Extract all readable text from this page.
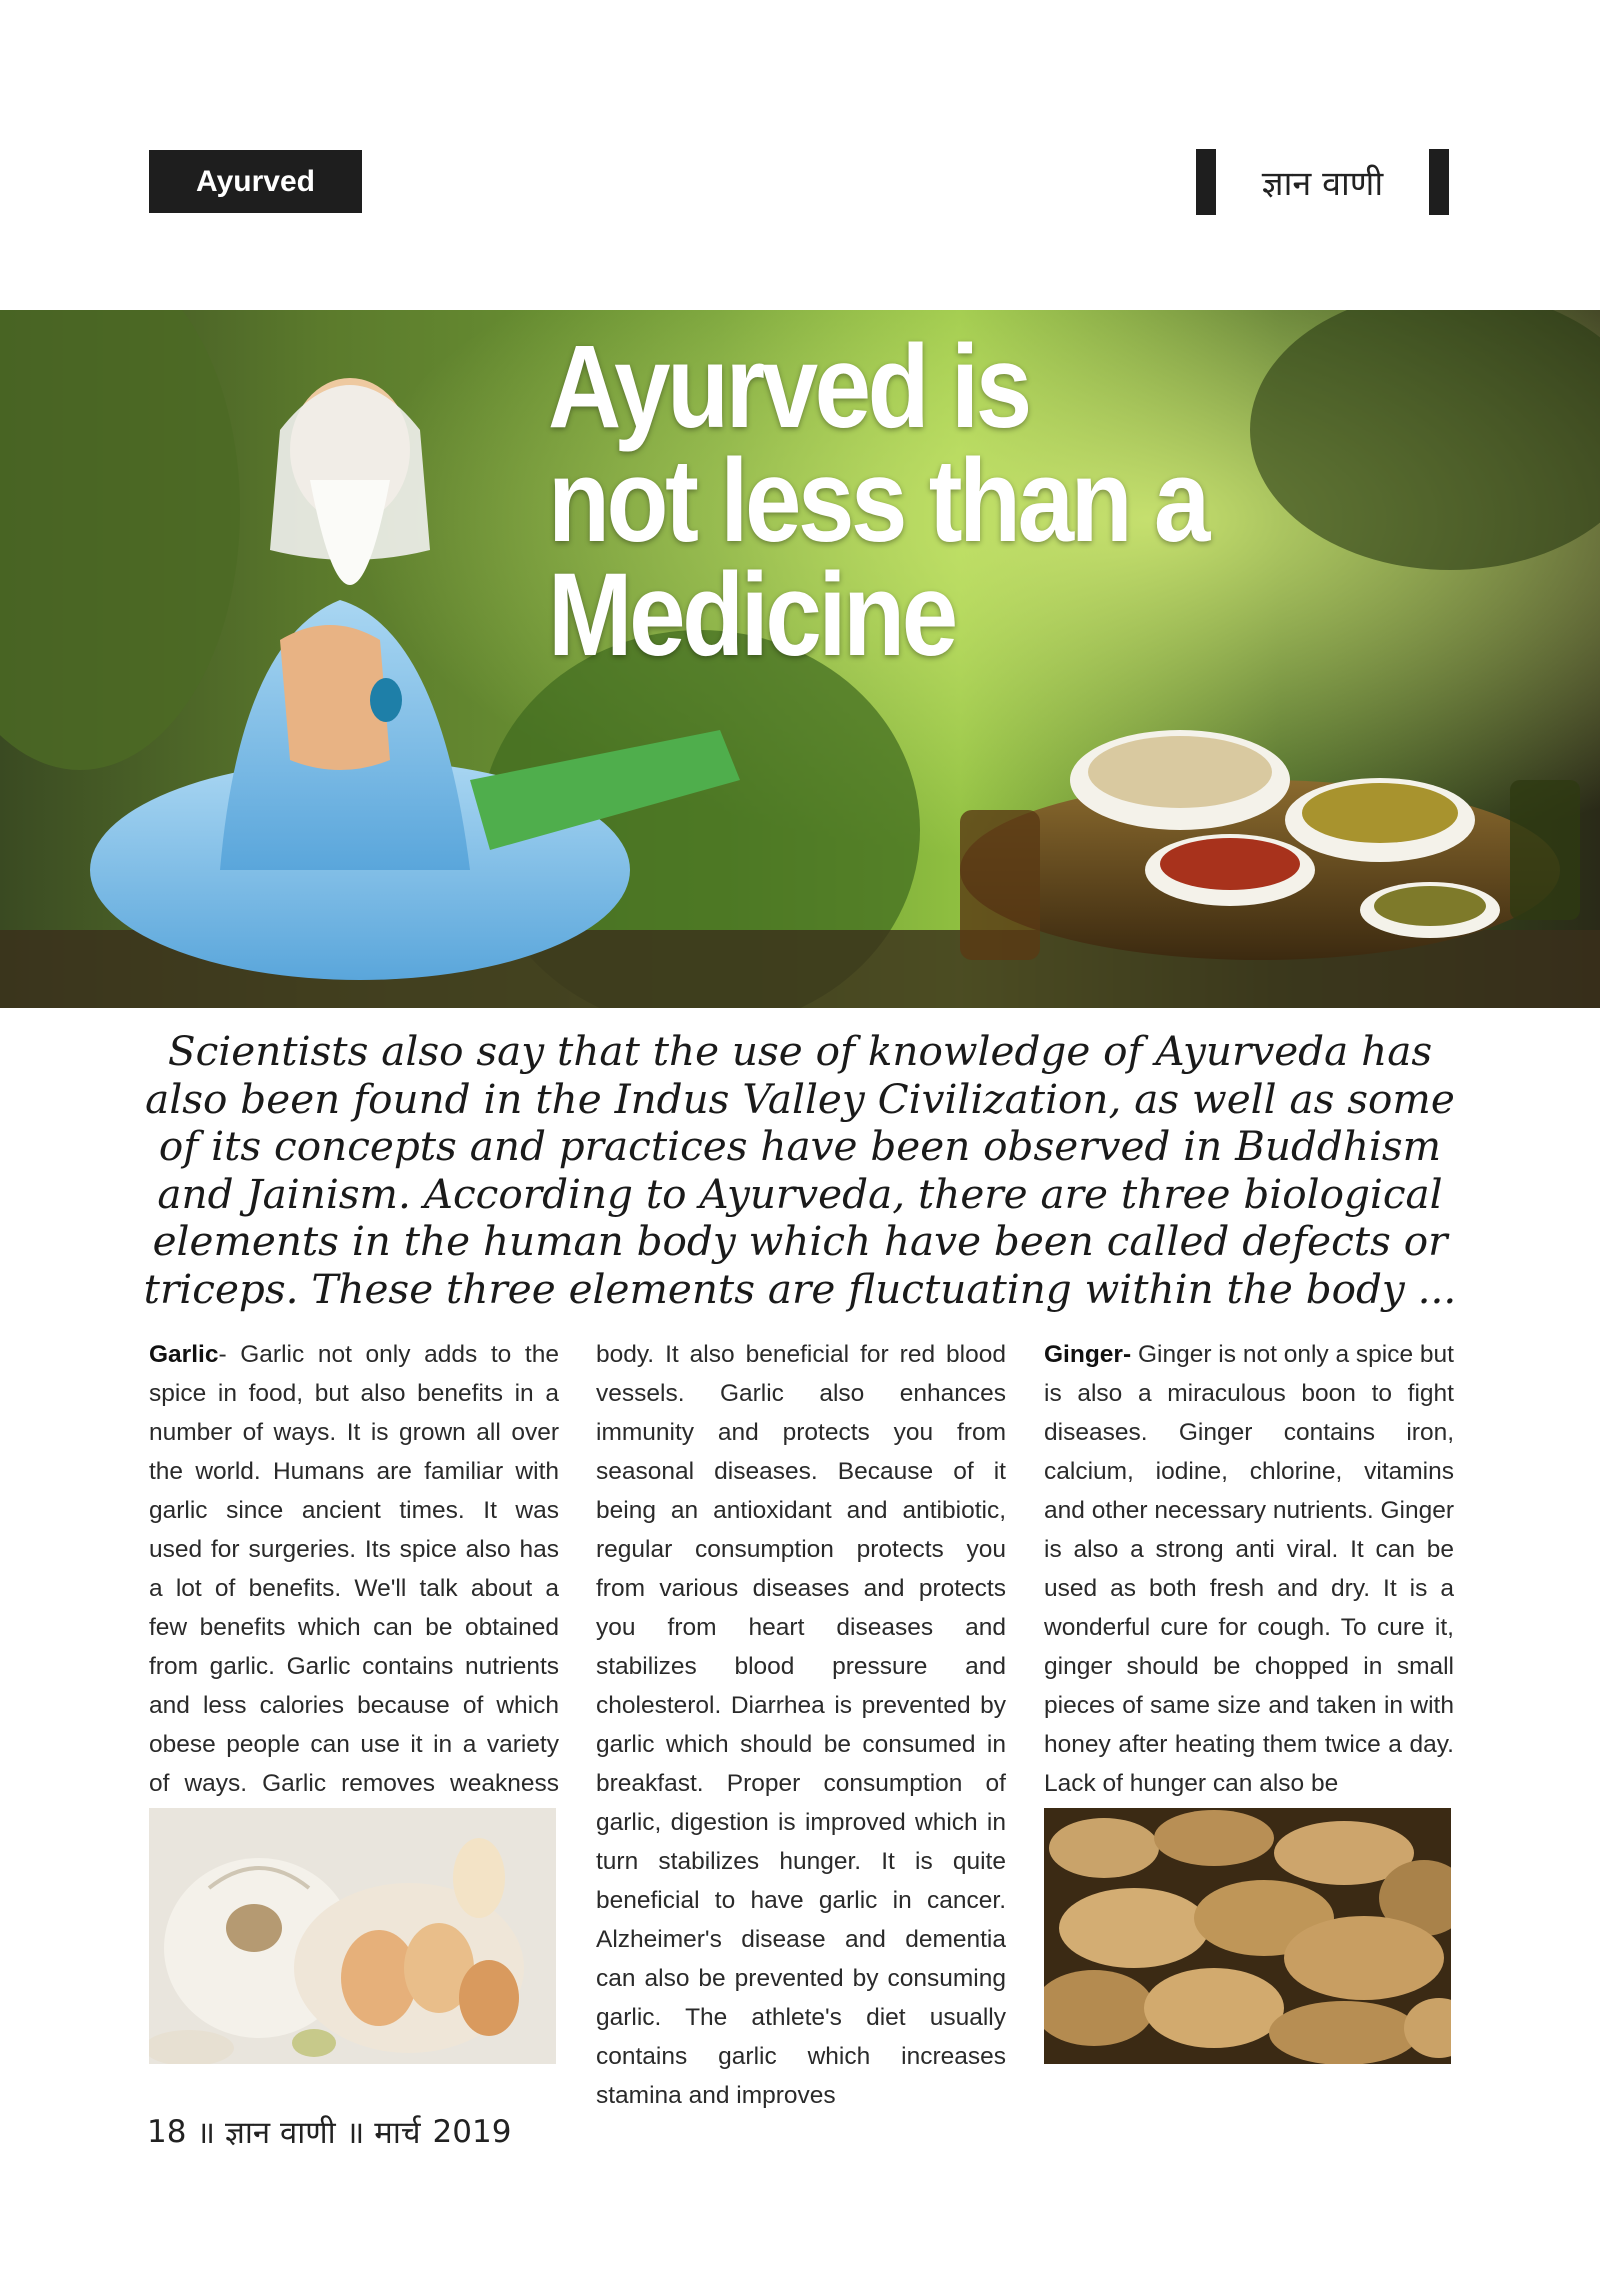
Ayurved	ज्ञान वाणी
Ayurved is
not less than a
Medicine
Scientists also say that the use of knowledge of Ayurveda has also been found in the Indus Valley Civilization, as well as some of its concepts and practices have been observed in Buddhism and Jainism. According to Ayurveda, there are three biological elements in the human body which have been called defects or triceps. These three elements are fluctuating within the body ...
Garlic- Garlic not only adds to the spice in food, but also benefits in a number of ways. It is grown all over the world. Humans are familiar with garlic since ancient times. It was used for surgeries. Its spice also has a lot of benefits. We'll talk about a few benefits which can be obtained from garlic. Garlic contains nutrients and less calories because of which obese people can use it in a variety of ways. Garlic removes weakness
body. It also beneficial for red blood vessels. Garlic also enhances immunity and protects you from seasonal diseases. Because of it being an antioxidant and antibiotic, regular consumption protects you from various diseases and protects you from heart diseases and stabilizes blood pressure and cholesterol. Diarrhea is prevented by garlic which should be consumed in breakfast. Proper consumption of garlic, digestion is improved which in turn stabilizes hunger. It is quite beneficial to have garlic in cancer. Alzheimer's disease and dementia can also be prevented by consuming garlic. The athlete's diet usually contains garlic which increases stamina and improves
Ginger- Ginger is not only a spice but is also a miraculous boon to fight diseases. Ginger contains iron, calcium, iodine, chlorine, vitamins and other necessary nutrients. Ginger is also a strong anti viral. It can be used as both fresh and dry. It is a wonderful cure for cough. To cure it, ginger should be chopped in small pieces of same size and taken in with honey after heating them twice a day. Lack of hunger can also be
18 ॥ ज्ञान वाणी ॥ मार्च 2019
